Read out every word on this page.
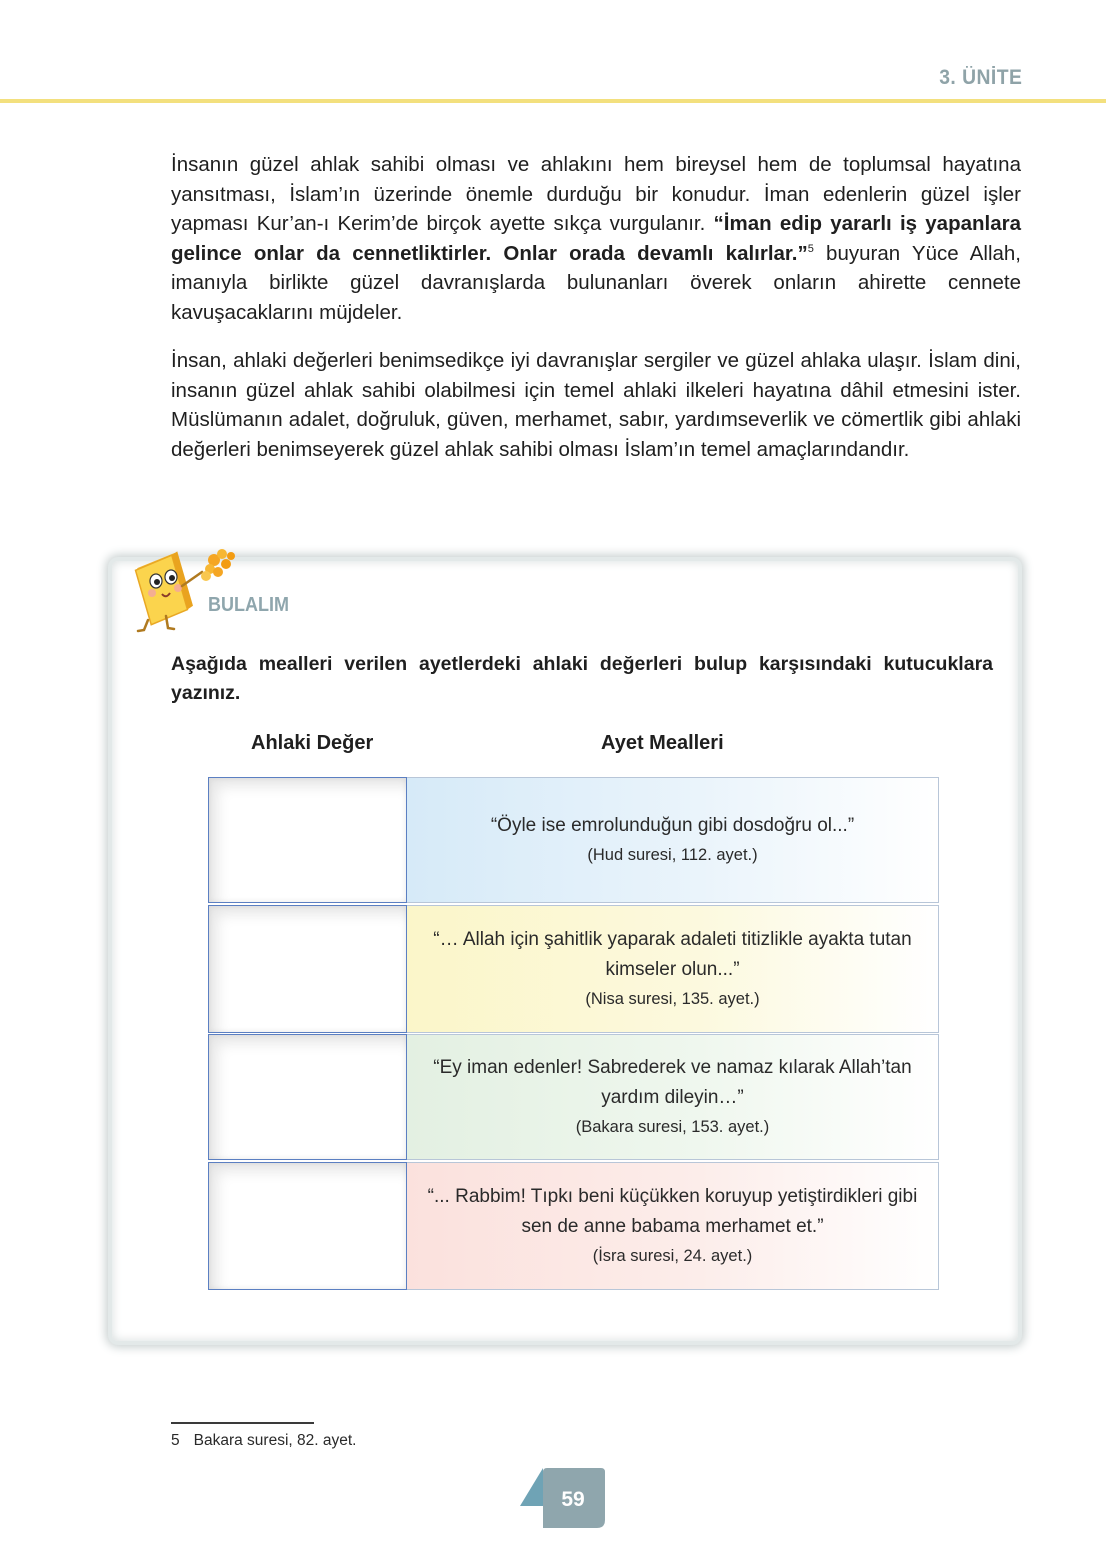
3. ÜNİTE

İnsanın güzel ahlak sahibi olması ve ahlakını hem bireysel hem de toplumsal hayatına yansıtması, İslam’ın üzerinde önemle durduğu bir konudur. İman edenlerin güzel işler yapması Kur’an-ı Kerim’de birçok ayette sıkça vurgulanır. “İman edip yararlı iş yapanlara gelince onlar da cennetliktirler. Onlar orada devamlı kalırlar.”$^5$ buyuran Yüce Allah, imanıyla birlikte güzel davranışlarda bulunanları överek onların ahirette cennete kavuşacaklarını müjdeler.

İnsan, ahlaki değerleri benimsedikçe iyi davranışlar sergiler ve güzel ahlaka ulaşır. İslam dini, insanın güzel ahlak sahibi olabilmesi için temel ahlaki ilkeleri hayatına dâhil etmesini ister. Müslümanın adalet, doğruluk, güven, merhamet, sabır, yardımseverlik ve cömertlik gibi ahlaki değerleri benimseyerek güzel ahlak sahibi olması İslam’ın temel amaçlarındandır.

BULALIM

Aşağıda mealleri verilen ayetlerdeki ahlaki değerleri bulup karşısındaki kutucuklara yazınız.

Ahlaki Değer	Ayet Mealleri

“Öyle ise emrolunduğun gibi dosdoğru ol...”

(Hud suresi, 112. ayet.)

“… Allah için şahitlik yaparak adaleti titizlikle ayakta tutan kimseler olun...”

(Nisa suresi, 135. ayet.)

“Ey iman edenler! Sabrederek ve namaz kılarak Allah’tan yardım dileyin…”

(Bakara suresi, 153. ayet.)

“... Rabbim! Tıpkı beni küçükken koruyup yetiştirdikleri gibi sen de anne babama merhamet et.”

(İsra suresi, 24. ayet.)

5 Bakara suresi, 82. ayet.
59
